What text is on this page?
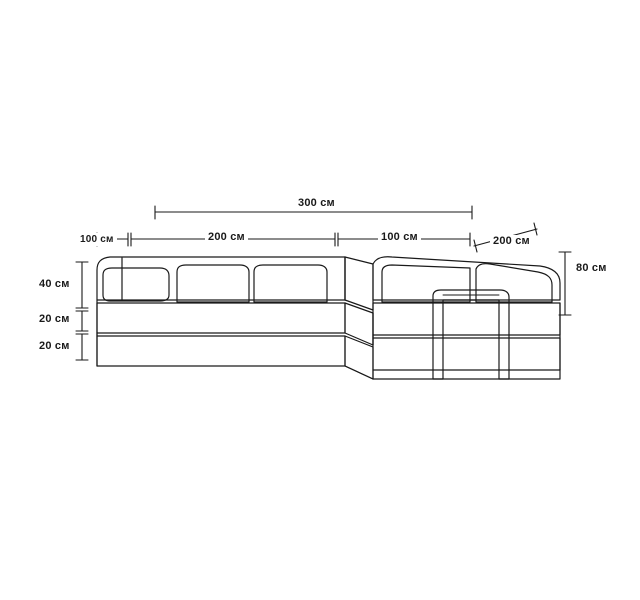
300 см
100 см	200 см	100 см	200 см
80 см
40 см
20 см
20 см
